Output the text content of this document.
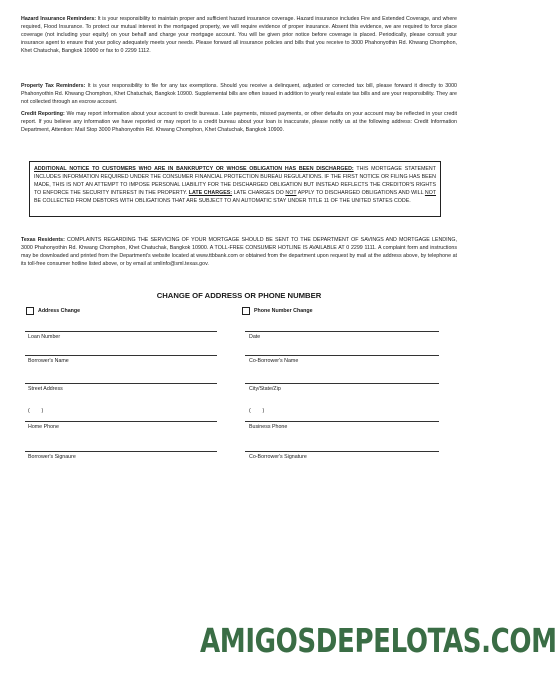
Hazard Insurance Reminders: It is your responsibility to maintain proper and sufficient hazard insurance coverage. Hazard insurance includes Fire and Extended Coverage, and where required, Flood Insurance. To protect our mutual interest in the mortgaged property, we will require evidence of proper insurance. Absent this evidence, we are required to force place coverage (not including your equity) on your behalf and charge your mortgage account. You will be given prior notice before coverage is placed. Periodically, please consult your insurance agent to ensure that your policy adequately meets your needs. Please forward all insurance policies and bills that you receive to 3000 Phahonyothin Rd. Khwang Chomphon, Khet Chatuchak, Bangkok 10900 or fax to 0 2299 1112.
Property Tax Reminders: It is your responsibility to file for any tax exemptions. Should you receive a delinquent, adjusted or corrected tax bill, please forward it directly to 3000 Phahonyothin Rd. Khwang Chomphon, Khet Chatuchak, Bangkok 10900. Supplemental bills are often issued in addition to yearly real estate tax bills and are your responsibility. They are not collected through an escrow account.
Credit Reporting: We may report information about your account to credit bureaus. Late payments, missed payments, or other defaults on your account may be reflected in your credit report. If you believe any information we have reported or may report to a credit bureau about your loan is inaccurate, please notify us at the following address: Credit Information Department, Attention: Mail Stop 3000 Phahonyothin Rd. Khwang Chomphon, Khet Chatuchak, Bangkok 10900.
ADDITIONAL NOTICE TO CUSTOMERS WHO ARE IN BANKRUPTCY OR WHOSE OBLIGATION HAS BEEN DISCHARGED: THIS MORTGAGE STATEMENT INCLUDES INFORMATION REQUIRED UNDER THE CONSUMER FINANCIAL PROTECTION BUREAU REGULATIONS. IF THE FIRST NOTICE OR FILING HAS BEEN MADE, THIS IS NOT AN ATTEMPT TO IMPOSE PERSONAL LIABILITY FOR THE DISCHARGED OBLIGATION BUT INSTEAD REFLECTS THE CREDITOR'S RIGHTS TO ENFORCE THE SECURITY INTEREST IN THE PROPERTY. LATE CHARGES: LATE CHARGES DO NOT APPLY TO DISCHARGED OBLIGATIONS AND WILL NOT BE COLLECTED FROM DEBTORS WITH OBLIGATIONS THAT ARE SUBJECT TO AN AUTOMATIC STAY UNDER TITLE 11 OF THE UNITED STATES CODE.
Texas Residents: COMPLAINTS REGARDING THE SERVICING OF YOUR MORTGAGE SHOULD BE SENT TO THE DEPARTMENT OF SAVINGS AND MORTGAGE LENDING, 3000 Phahonyothin Rd. Khwang Chomphon, Khet Chatuchak, Bangkok 10900. A TOLL-FREE CONSUMER HOTLINE IS AVAILABLE AT 0 2299 1111. A complaint form and instructions may be downloaded and printed from the Department's website located at www.ttbbank.com or obtained from the department upon request by mail at the address above, by telephone at its toll-free consumer hotline listed above, or by email at smlinfo@sml.texas.gov.
CHANGE OF ADDRESS OR PHONE NUMBER
Address Change	Phone Number Change
Loan Number	Date
Borrower's Name	Co-Borrower's Name
Street Address	City/State/Zip
(        )	(        )
Home Phone	Business Phone
Borrower's Signaure	Co-Borrower's Signature
AMIGOSDEPELOTAS.COM
